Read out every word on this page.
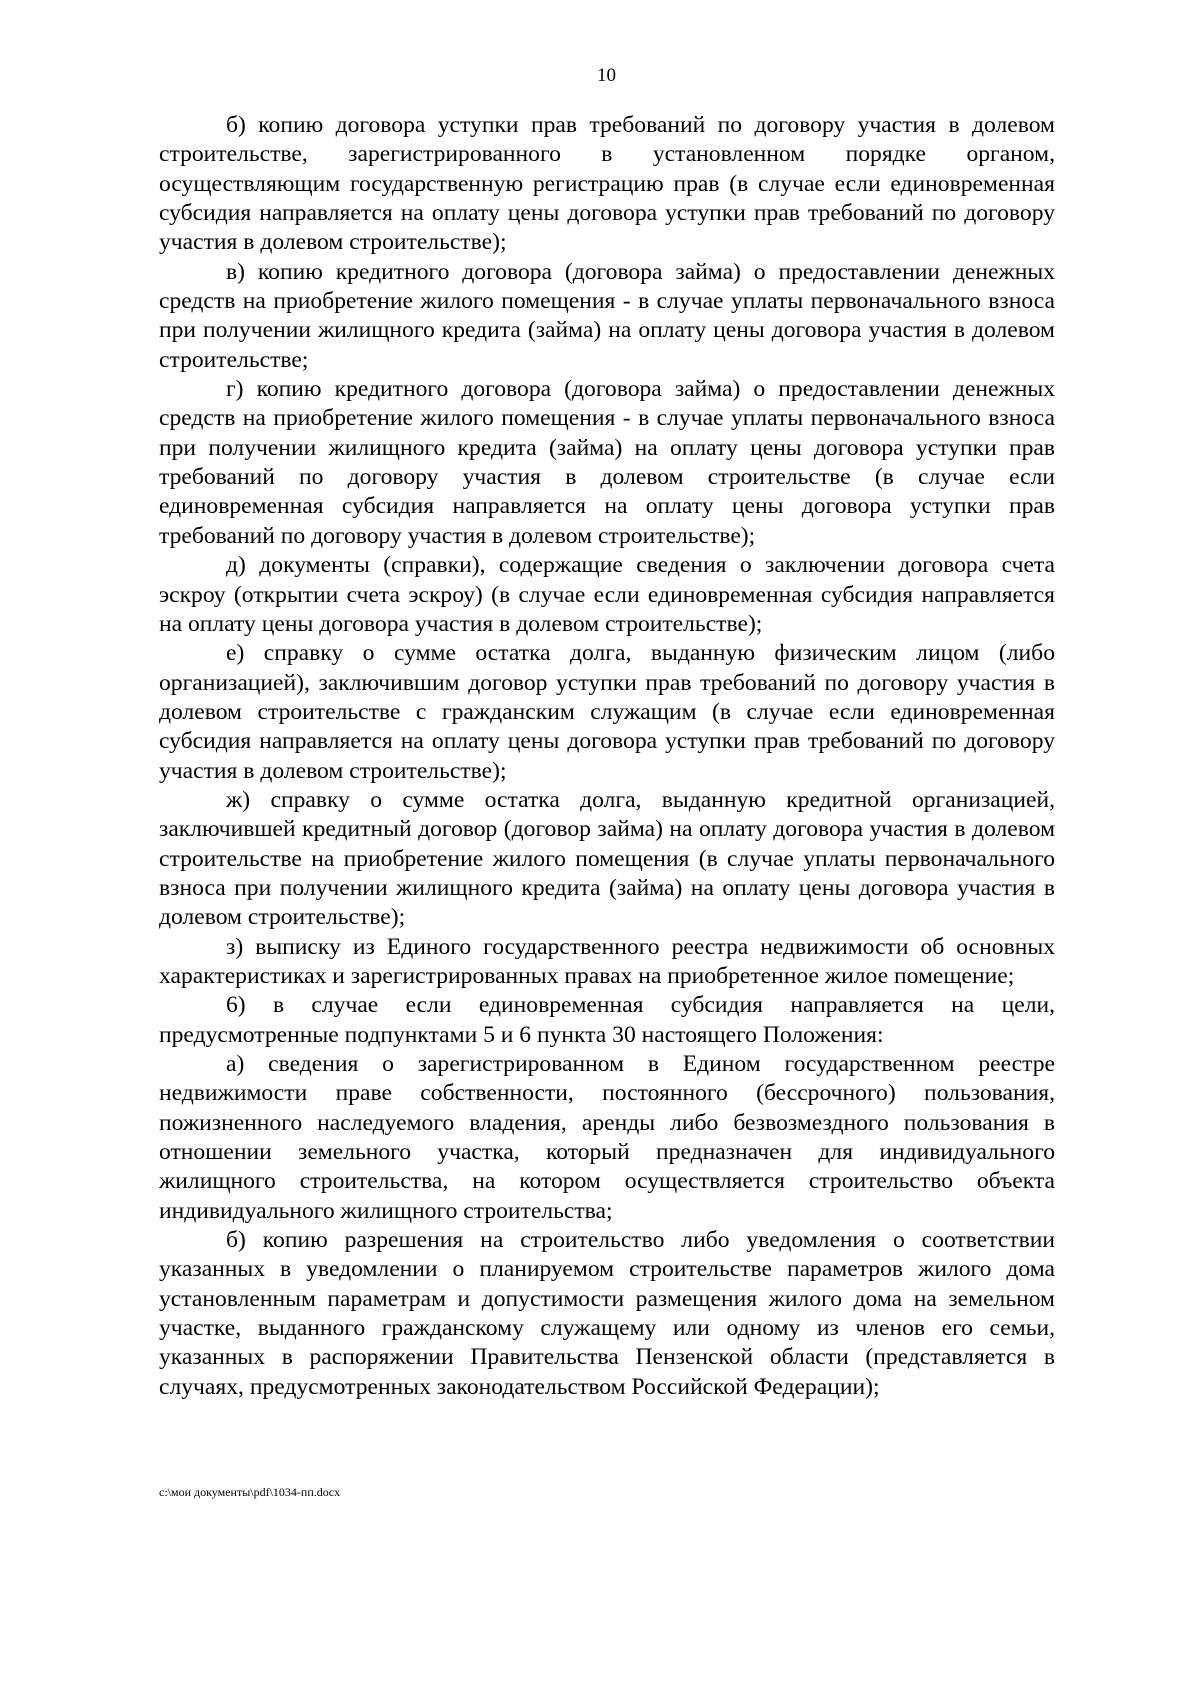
10

б) копию договора уступки прав требований по договору участия в долевом строительстве, зарегистрированного в установленном порядке органом, осуществляющим государственную регистрацию прав (в случае если единовременная субсидия направляется на оплату цены договора уступки прав требований по договору участия в долевом строительстве);

в) копию кредитного договора (договора займа) о предоставлении денежных средств на приобретение жилого помещения - в случае уплаты первоначального взноса при получении жилищного кредита (займа) на оплату цены договора участия в долевом строительстве;

г) копию кредитного договора (договора займа) о предоставлении денежных средств на приобретение жилого помещения - в случае уплаты первоначального взноса при получении жилищного кредита (займа) на оплату цены договора уступки прав требований по договору участия в долевом строительстве (в случае если единовременная субсидия направляется на оплату цены договора уступки прав требований по договору участия в долевом строительстве);

д) документы (справки), содержащие сведения о заключении договора счета эскроу (открытии счета эскроу) (в случае если единовременная субсидия направляется на оплату цены договора участия в долевом строительстве);

е) справку о сумме остатка долга, выданную физическим лицом (либо организацией), заключившим договор уступки прав требований по договору участия в долевом строительстве с гражданским служащим (в случае если единовременная субсидия направляется на оплату цены договора уступки прав требований по договору участия в долевом строительстве);

ж) справку о сумме остатка долга, выданную кредитной организацией, заключившей кредитный договор (договор займа) на оплату договора участия в долевом строительстве на приобретение жилого помещения (в случае уплаты первоначального взноса при получении жилищного кредита (займа) на оплату цены договора участия в долевом строительстве);

з) выписку из Единого государственного реестра недвижимости об основных характеристиках и зарегистрированных правах на приобретенное жилое помещение;

6) в случае если единовременная субсидия направляется на цели, предусмотренные подпунктами 5 и 6 пункта 30 настоящего Положения:

а) сведения о зарегистрированном в Едином государственном реестре недвижимости праве собственности, постоянного (бессрочного) пользования, пожизненного наследуемого владения, аренды либо безвозмездного пользования в отношении земельного участка, который предназначен для индивидуального жилищного строительства, на котором осуществляется строительство объекта индивидуального жилищного строительства;

б) копию разрешения на строительство либо уведомления о соответствии указанных в уведомлении о планируемом строительстве параметров жилого дома установленным параметрам и допустимости размещения жилого дома на земельном участке, выданного гражданскому служащему или одному из членов его семьи, указанных в распоряжении Правительства Пензенской области (представляется в случаях, предусмотренных законодательством Российской Федерации);

c:\мои документы\pdf\1034-пп.docx
